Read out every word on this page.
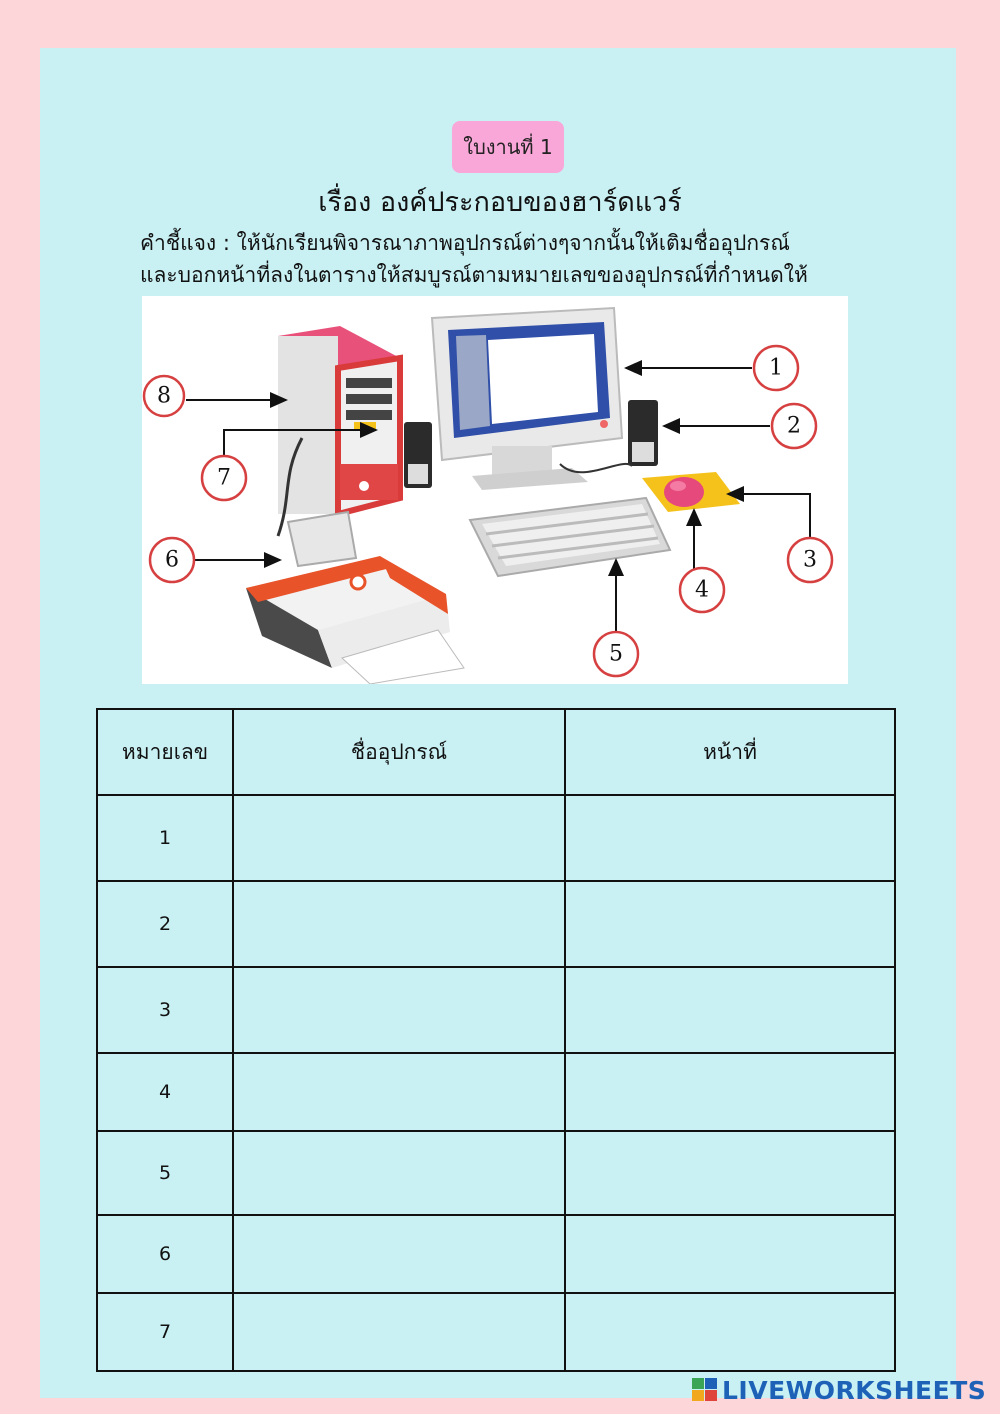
ใบงานที่ 1
เรื่อง องค์ประกอบของฮาร์ดแวร์
คำชี้แจง : ให้นักเรียนพิจารณาภาพอุปกรณ์ต่างๆจากนั้นให้เติมชื่ออุปกรณ์
และบอกหน้าที่ลงในตารางให้สมบูรณ์ตามหมายเลขของอุปกรณ์ที่กำหนดให้
1
2
3
4
5
6
7
8
หมายเลข	ชื่ออุปกรณ์	หน้าที่
1		
2		
3		
4		
5		
6		
7		
LIVEWORKSHEETS
